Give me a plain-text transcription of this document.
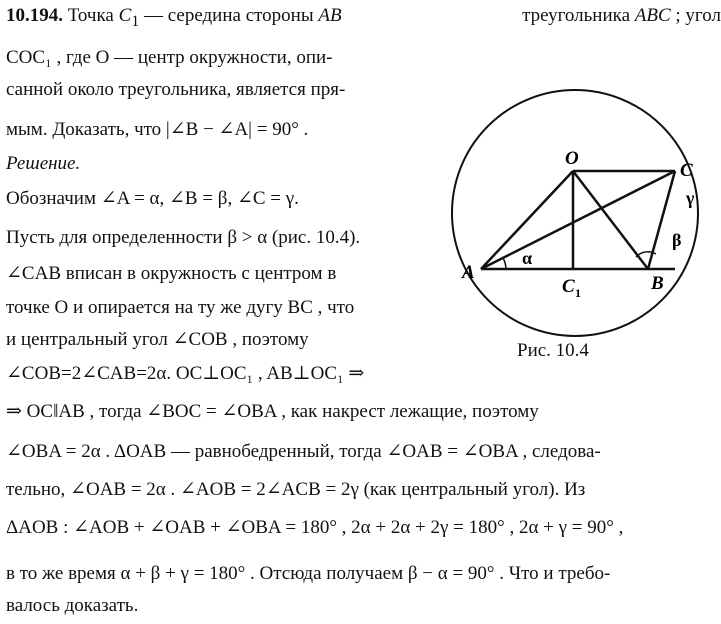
10.194. Точка $C_1$ — середина стороны AB	треугольника ABC ; угол
COC₁ , где O — центр окружности, опи-
санной около треугольника, является пря-
мым. Доказать, что |∠B − ∠A| = 90° .
Решение.
Обозначим ∠A = α, ∠B = β, ∠C = γ.
Пусть для определенности β > α (рис. 10.4).
∠CAB вписан в окружность с центром в
точке O и опирается на ту же дугу BC , что
и центральный угол ∠COB , поэтому
∠COB=2∠CAB=2α. OC⊥OC₁ , AB⊥OC₁ ⇒
⇒ OC‖AB , тогда ∠BOC = ∠OBA , как накрест лежащие, поэтому
∠OBA = 2α . ΔOAB — равнобедренный, тогда ∠OAB = ∠OBA , следова-
тельно, ∠OAB = 2α . ∠AOB = 2∠ACB = 2γ (как центральный угол). Из
ΔAOB : ∠AOB + ∠OAB + ∠OBA = 180° , 2α + 2α + 2γ = 180° , 2α + γ = 90° ,
в то же время α + β + γ = 180° . Отсюда получаем β − α = 90° . Что и требо-
валось доказать.
O
C
A
B
C 1
α
β
γ
Рис. 10.4
